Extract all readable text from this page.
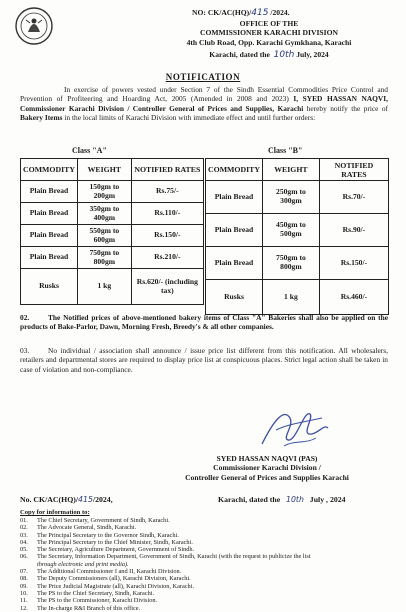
NO: CK/AC(HQ)/415 /2024.
OFFICE OF THE
COMMISSIONER KARACHI DIVISION
4th Club Road, Opp. Karachi Gymkhana, Karachi
Karachi, dated the 10th July, 2024
NOTIFICATION
In exercise of powers vested under Section 7 of the Sindh Essential Commodities Price Control and Prevention of Profiteering and Hoarding Act, 2005 (Amended in 2008 and 2023) I, SYED HASSAN NAQVI, Commissioner Karachi Division / Controller General of Prices and Supplies, Karachi hereby notify the price of Bakery Items in the local limits of Karachi Division with immediate effect and until further orders:
Class "A"	Class "B"
COMMODITY	WEIGHT	NOTIFIED RATES
Plain Bread	150gm to 200gm	Rs.75/-
Plain Bread	350gm to 400gm	Rs.110/-
Plain Bread	550gm to 600gm	Rs.150/-
Plain Bread	750gm to 800gm	Rs.210/-
Rusks	1 kg	Rs.620/- (including tax)
COMMODITY	WEIGHT	NOTIFIED RATES
Plain Bread	250gm to 300gm	Rs.70/-
Plain Bread	450gm to 500gm	Rs.90/-
Plain Bread	750gm to 800gm	Rs.150/-
Rusks	1 kg	Rs.460/-
02.	The Notified prices of above-mentioned bakery items of Class "A" Bakeries shall also be applied on the products of Bake-Parlor, Dawn, Morning Fresh, Breedy's & all other companies.
03.	No individual / association shall announce / issue price list different from this notification. All wholesalers, retailers and departmental stores are required to display price list at conspicuous places. Strict legal action shall be taken in case of violation and non-compliance.
SYED HASSAN NAQVI (PAS)
Commissioner Karachi Division /
Controller General of Prices and Supplies Karachi
No. CK/AC(HQ)/415/2024,	Karachi, dated the 10th July , 2024
Copy for information to:
01. The Chief Secretary, Government of Sindh, Karachi.
02. The Advocate General, Sindh, Karachi.
03. The Principal Secretary to the Governor Sindh, Karachi.
04. The Principal Secretary to the Chief Minister, Sindh, Karachi.
05. The Secretary, Agriculture Department, Government of Sindh.
06. The Secretary, Information Department, Government of Sindh, Karachi (with the request to publicize the list
through electronic and print media).
07. The Additional Commissioner I and II, Karachi Division.
08. The Deputy Commissioners (all), Karachi Division, Karachi.
09. The Price Judicial Magistrate (all), Karachi Division, Karachi.
10. The PS to the Chief Secretary, Sindh, Karachi.
11. The PS to the Commissioner, Karachi Division.
12. The In-charge R&I Branch of this office.
